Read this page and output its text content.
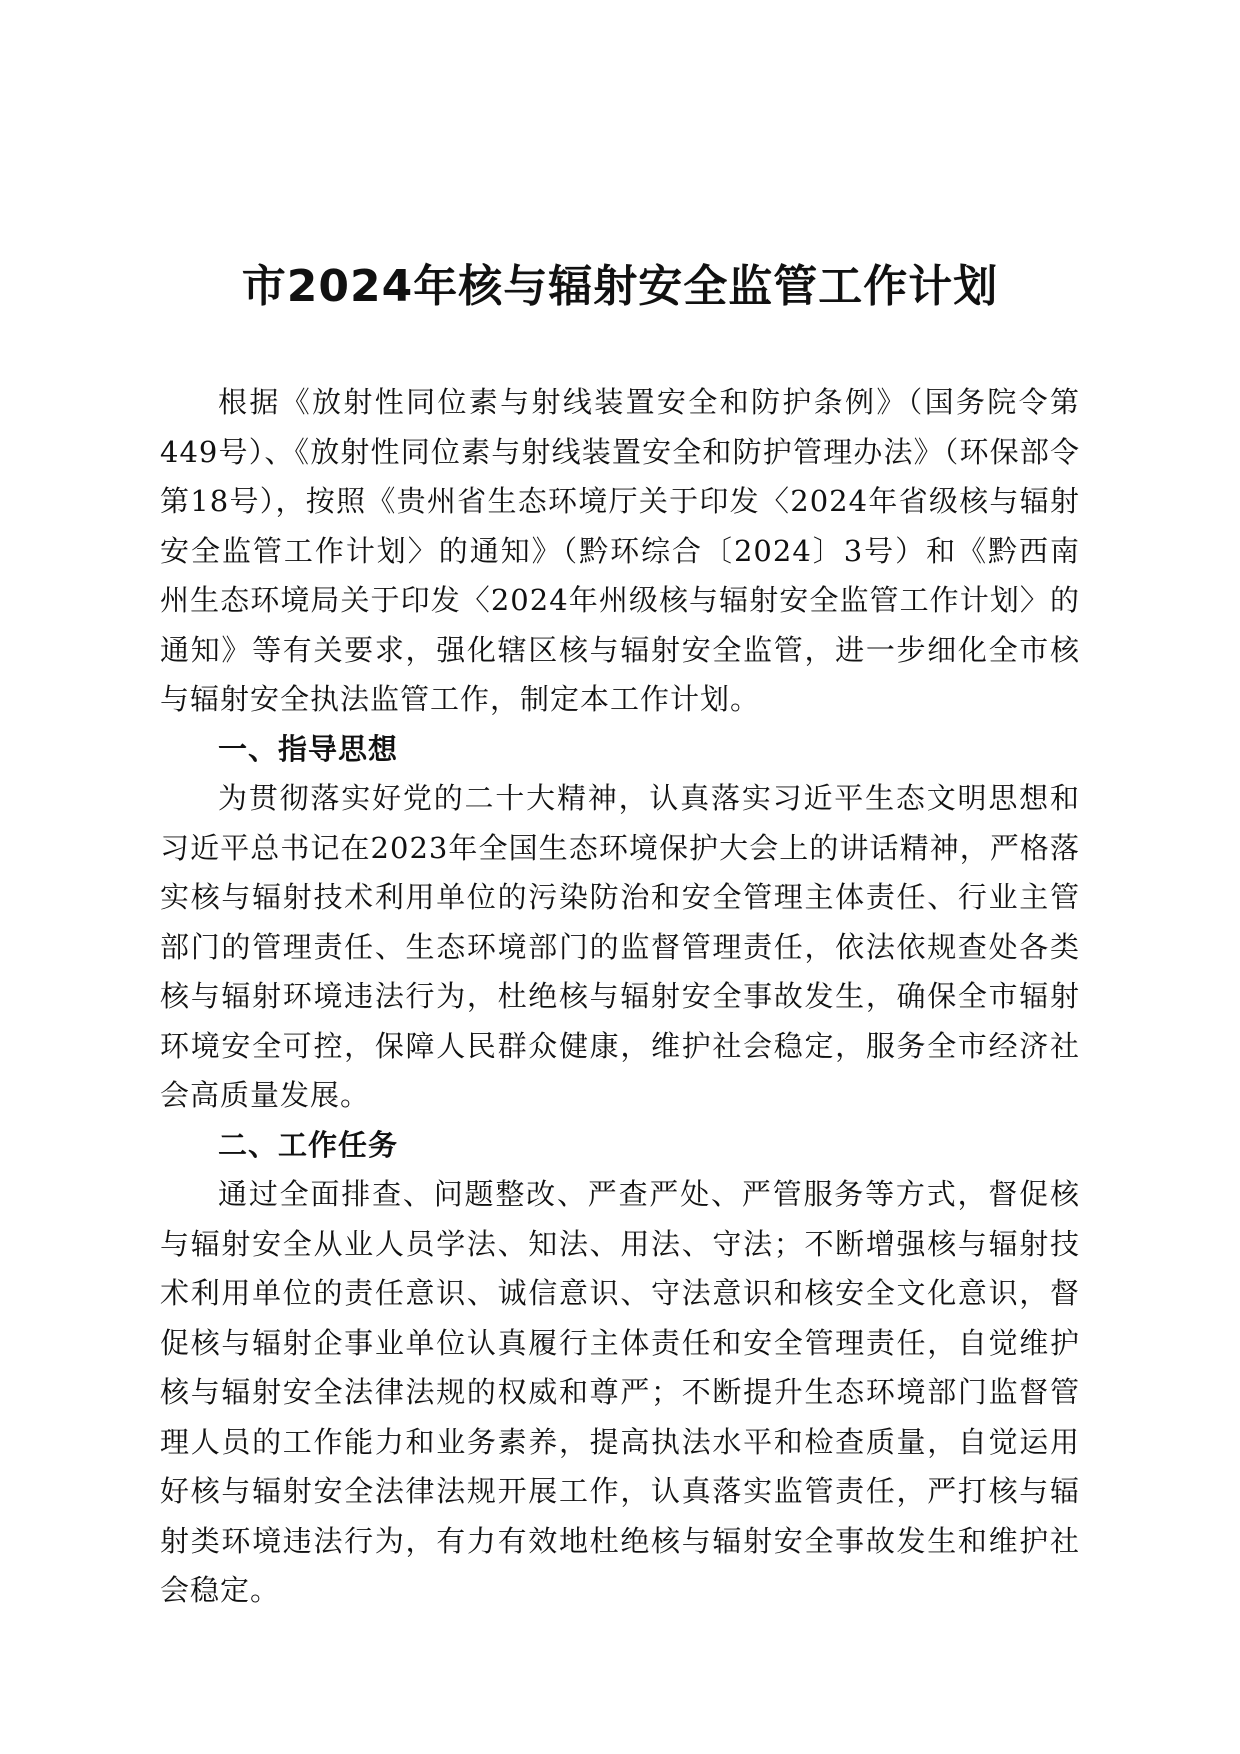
市2024年核与辐射安全监管工作计划

根据《放射性同位素与射线装置安全和防护条例》（国务院令第449号）、《放射性同位素与射线装置安全和防护管理办法》（环保部令第18号），按照《贵州省生态环境厅关于印发〈2024年省级核与辐射安全监管工作计划〉的通知》（黔环综合〔2024〕3号）和《黔西南州生态环境局关于印发〈2024年州级核与辐射安全监管工作计划〉的通知》等有关要求，强化辖区核与辐射安全监管，进一步细化全市核与辐射安全执法监管工作，制定本工作计划。

一、指导思想

为贯彻落实好党的二十大精神，认真落实习近平生态文明思想和习近平总书记在2023年全国生态环境保护大会上的讲话精神，严格落实核与辐射技术利用单位的污染防治和安全管理主体责任、行业主管部门的管理责任、生态环境部门的监督管理责任，依法依规查处各类核与辐射环境违法行为，杜绝核与辐射安全事故发生，确保全市辐射环境安全可控，保障人民群众健康，维护社会稳定，服务全市经济社会高质量发展。

二、工作任务

通过全面排查、问题整改、严查严处、严管服务等方式，督促核与辐射安全从业人员学法、知法、用法、守法；不断增强核与辐射技术利用单位的责任意识、诚信意识、守法意识和核安全文化意识，督促核与辐射企事业单位认真履行主体责任和安全管理责任，自觉维护核与辐射安全法律法规的权威和尊严；不断提升生态环境部门监督管理人员的工作能力和业务素养，提高执法水平和检查质量，自觉运用好核与辐射安全法律法规开展工作，认真落实监管责任，严打核与辐射类环境违法行为，有力有效地杜绝核与辐射安全事故发生和维护社会稳定。
